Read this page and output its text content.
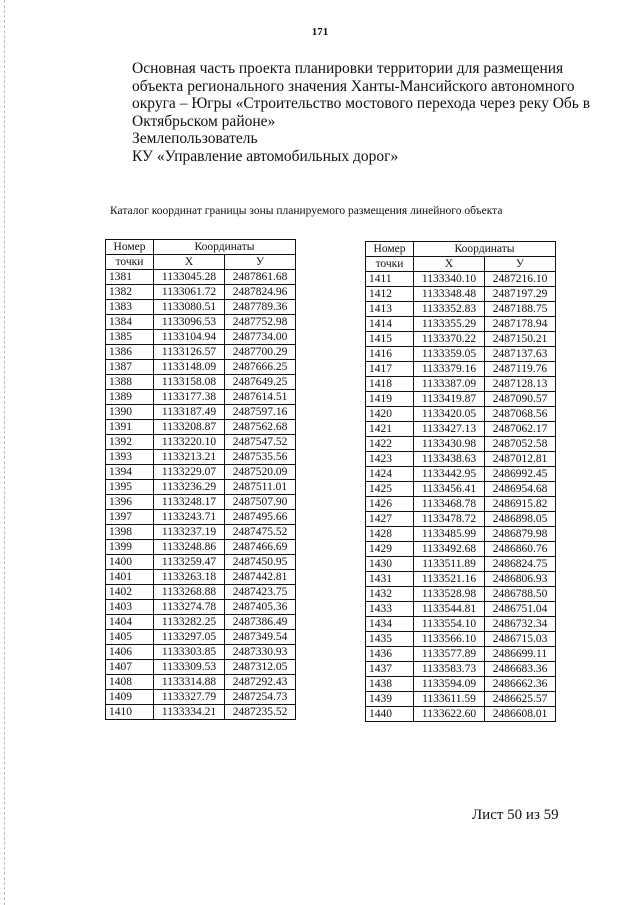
171
Основная часть проекта планировки территории для размещения
объекта регионального значения Ханты-Мансийского автономного
округа – Югры «Строительство мостового перехода через реку Обь в
Октябрьском районе»
Землепользователь
КУ «Управление автомобильных дорог»
Каталог координат границы зоны планируемого размещения линейного объекта
Номер	Координаты	
точки	X	У
1381	1133045.28	2487861.68
1382	1133061.72	2487824.96
1383	1133080.51	2487789.36
1384	1133096.53	2487752.98
1385	1133104.94	2487734.00
1386	1133126.57	2487700.29
1387	1133148.09	2487666.25
1388	1133158.08	2487649.25
1389	1133177.38	2487614.51
1390	1133187.49	2487597.16
1391	1133208.87	2487562.68
1392	1133220.10	2487547.52
1393	1133213.21	2487535.56
1394	1133229.07	2487520.09
1395	1133236.29	2487511.01
1396	1133248.17	2487507.90
1397	1133243.71	2487495.66
1398	1133237.19	2487475.52
1399	1133248.86	2487466.69
1400	1133259.47	2487450.95
1401	1133263.18	2487442.81
1402	1133268.88	2487423.75
1403	1133274.78	2487405.36
1404	1133282.25	2487386.49
1405	1133297.05	2487349.54
1406	1133303.85	2487330.93
1407	1133309.53	2487312.05
1408	1133314.88	2487292.43
1409	1133327.79	2487254.73
1410	1133334.21	2487235.52
Номер	Координаты	
точки	X	У
1411	1133340.10	2487216.10
1412	1133348.48	2487197.29
1413	1133352.83	2487188.75
1414	1133355.29	2487178.94
1415	1133370.22	2487150.21
1416	1133359.05	2487137.63
1417	1133379.16	2487119.76
1418	1133387.09	2487128.13
1419	1133419.87	2487090.57
1420	1133420.05	2487068.56
1421	1133427.13	2487062.17
1422	1133430.98	2487052.58
1423	1133438.63	2487012.81
1424	1133442.95	2486992.45
1425	1133456.41	2486954.68
1426	1133468.78	2486915.82
1427	1133478.72	2486898.05
1428	1133485.99	2486879.98
1429	1133492.68	2486860.76
1430	1133511.89	2486824.75
1431	1133521.16	2486806.93
1432	1133528.98	2486788.50
1433	1133544.81	2486751.04
1434	1133554.10	2486732.34
1435	1133566.10	2486715.03
1436	1133577.89	2486699.11
1437	1133583.73	2486683.36
1438	1133594.09	2486662.36
1439	1133611.59	2486625.57
1440	1133622.60	2486608.01
Лист 50 из 59
